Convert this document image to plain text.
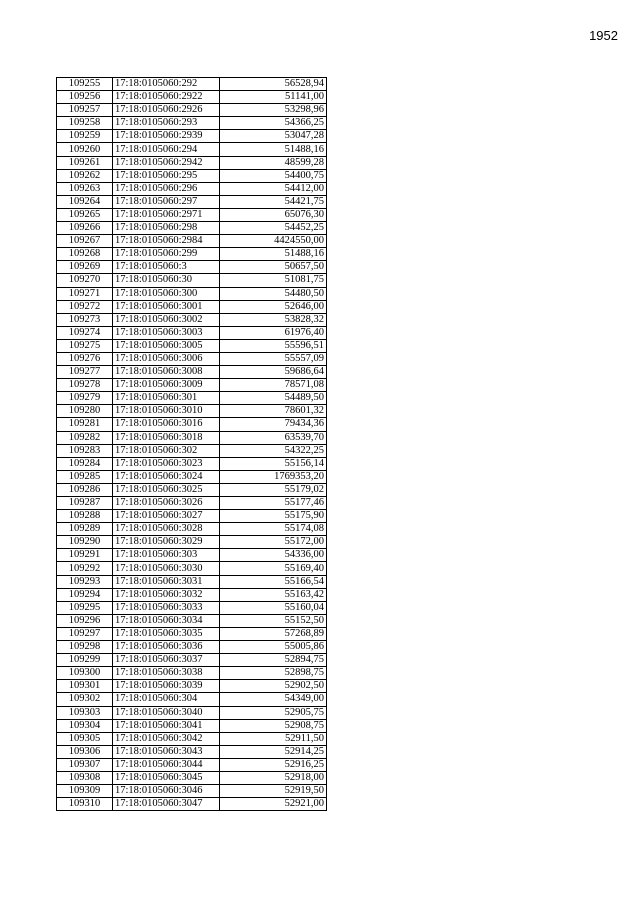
1952
109255	17:18:0105060:292	56528,94
109256	17:18:0105060:2922	51141,00
109257	17:18:0105060:2926	53298,96
109258	17:18:0105060:293	54366,25
109259	17:18:0105060:2939	53047,28
109260	17:18:0105060:294	51488,16
109261	17:18:0105060:2942	48599,28
109262	17:18:0105060:295	54400,75
109263	17:18:0105060:296	54412,00
109264	17:18:0105060:297	54421,75
109265	17:18:0105060:2971	65076,30
109266	17:18:0105060:298	54452,25
109267	17:18:0105060:2984	4424550,00
109268	17:18:0105060:299	51488,16
109269	17:18:0105060:3	50657,50
109270	17:18:0105060:30	51081,75
109271	17:18:0105060:300	54480,50
109272	17:18:0105060:3001	52646,00
109273	17:18:0105060:3002	53828,32
109274	17:18:0105060:3003	61976,40
109275	17:18:0105060:3005	55596,51
109276	17:18:0105060:3006	55557,09
109277	17:18:0105060:3008	59686,64
109278	17:18:0105060:3009	78571,08
109279	17:18:0105060:301	54489,50
109280	17:18:0105060:3010	78601,32
109281	17:18:0105060:3016	79434,36
109282	17:18:0105060:3018	63539,70
109283	17:18:0105060:302	54322,25
109284	17:18:0105060:3023	55156,14
109285	17:18:0105060:3024	1769353,20
109286	17:18:0105060:3025	55179,02
109287	17:18:0105060:3026	55177,46
109288	17:18:0105060:3027	55175,90
109289	17:18:0105060:3028	55174,08
109290	17:18:0105060:3029	55172,00
109291	17:18:0105060:303	54336,00
109292	17:18:0105060:3030	55169,40
109293	17:18:0105060:3031	55166,54
109294	17:18:0105060:3032	55163,42
109295	17:18:0105060:3033	55160,04
109296	17:18:0105060:3034	55152,50
109297	17:18:0105060:3035	57268,89
109298	17:18:0105060:3036	55005,86
109299	17:18:0105060:3037	52894,75
109300	17:18:0105060:3038	52898,75
109301	17:18:0105060:3039	52902,50
109302	17:18:0105060:304	54349,00
109303	17:18:0105060:3040	52905,75
109304	17:18:0105060:3041	52908,75
109305	17:18:0105060:3042	52911,50
109306	17:18:0105060:3043	52914,25
109307	17:18:0105060:3044	52916,25
109308	17:18:0105060:3045	52918,00
109309	17:18:0105060:3046	52919,50
109310	17:18:0105060:3047	52921,00
